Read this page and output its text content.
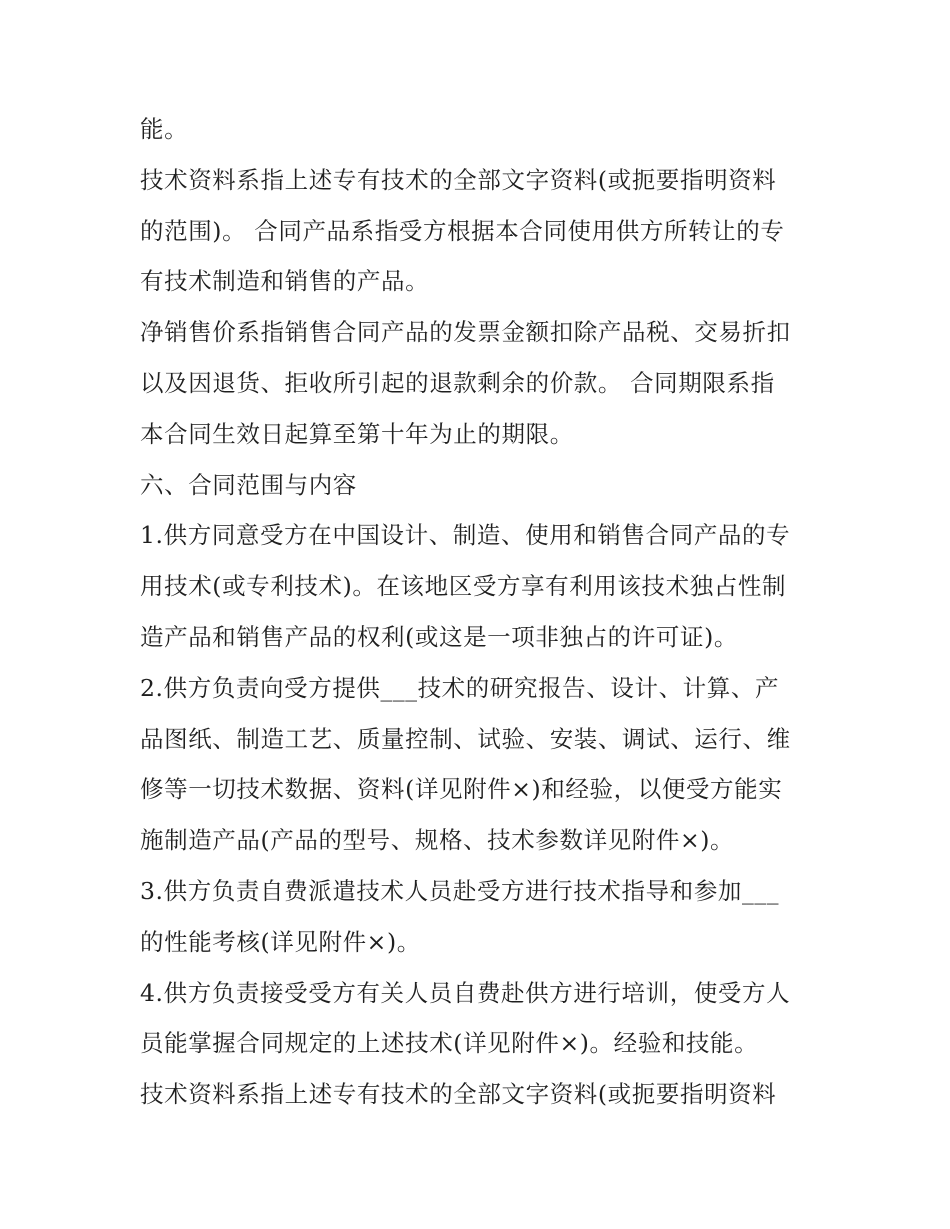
能。
技术资料系指上述专有技术的全部文字资料(或扼要指明资料
的范围)。 合同产品系指受方根据本合同使用供方所转让的专
有技术制造和销售的产品。
净销售价系指销售合同产品的发票金额扣除产品税、交易折扣
以及因退货、拒收所引起的退款剩余的价款。 合同期限系指
本合同生效日起算至第十年为止的期限。
六、合同范围与内容
1.供方同意受方在中国设计、制造、使用和销售合同产品的专
用技术(或专利技术)。在该地区受方享有利用该技术独占性制
造产品和销售产品的权利(或这是一项非独占的许可证)。
2.供方负责向受方提供___技术的研究报告、设计、计算、产
品图纸、制造工艺、质量控制、试验、安装、调试、运行、维
修等一切技术数据、资料(详见附件×)和经验，以便受方能实
施制造产品(产品的型号、规格、技术参数详见附件×)。
3.供方负责自费派遣技术人员赴受方进行技术指导和参加___
的性能考核(详见附件×)。
4.供方负责接受受方有关人员自费赴供方进行培训，使受方人
员能掌握合同规定的上述技术(详见附件×)。经验和技能。
技术资料系指上述专有技术的全部文字资料(或扼要指明资料
